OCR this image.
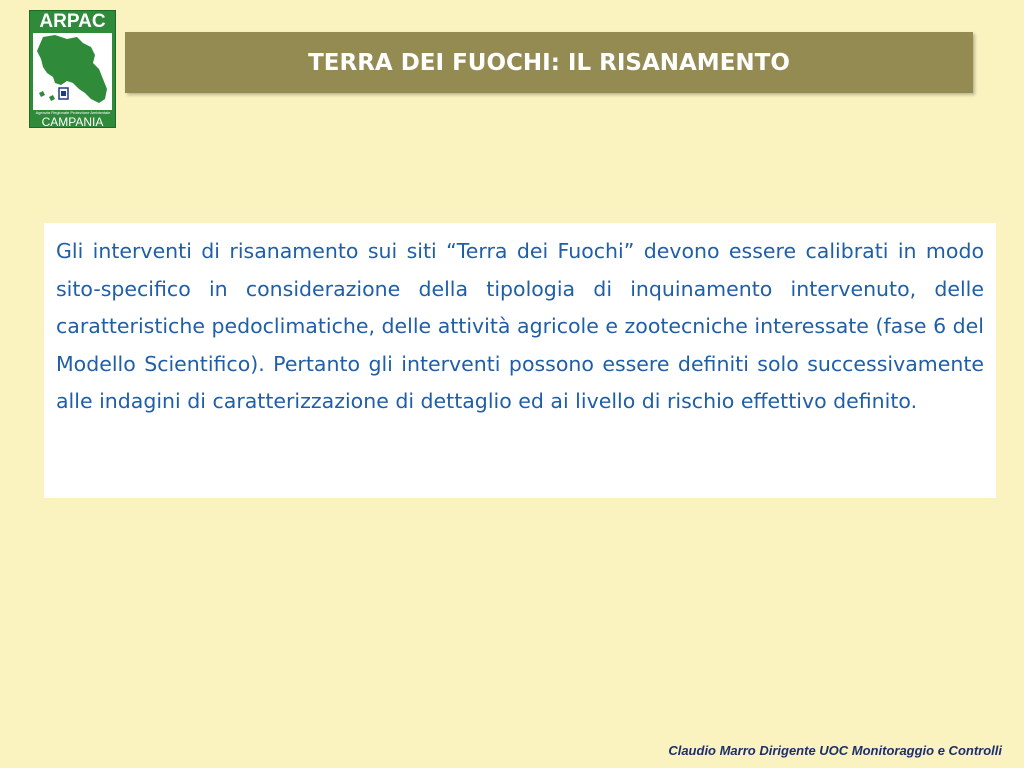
ARPAC
Agenzia Regionale Protezione Ambientale
CAMPANIA
TERRA DEI FUOCHI: IL RISANAMENTO

Gli interventi di risanamento sui siti “Terra dei Fuochi” devono essere calibrati in modo sito-specifico in considerazione della tipologia di inquinamento intervenuto, delle caratteristiche pedoclimatiche, delle attività agricole e zootecniche interessate (fase 6 del Modello Scientifico). Pertanto gli interventi possono essere definiti solo successivamente alle indagini di caratterizzazione di dettaglio ed ai livello di rischio effettivo definito.

Claudio Marro Dirigente UOC Monitoraggio e Controlli
